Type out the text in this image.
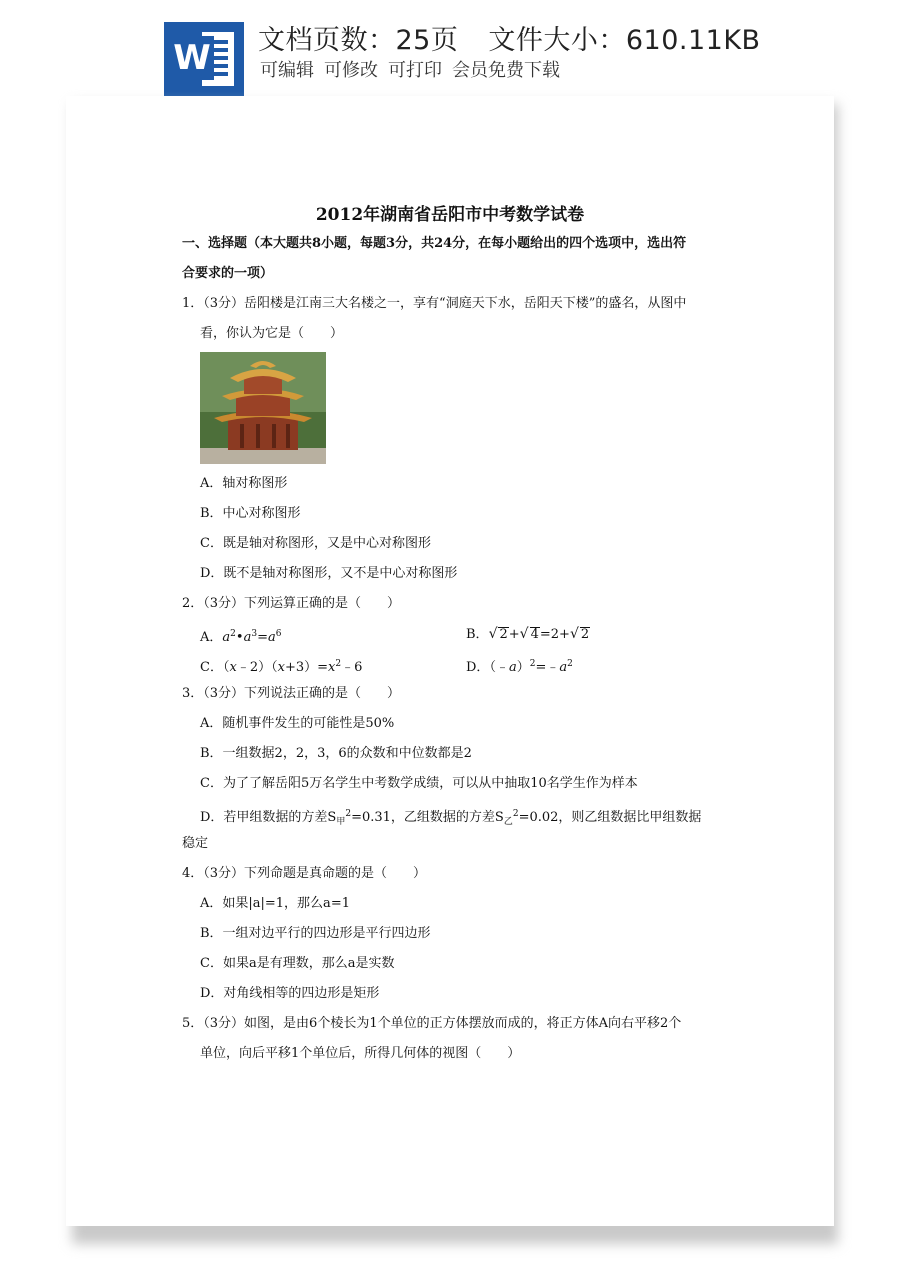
W 文档页数：25页 文件大小：610.11KB
可编辑 可修改 可打印 会员免费下载
2012年湖南省岳阳市中考数学试卷
一、选择题（本大题共8小题，每题3分，共24分，在每小题给出的四个选项中，选出符
合要求的一项）
1．（3分）岳阳楼是江南三大名楼之一，享有“洞庭天下水，岳阳天下楼”的盛名，从图中
看，你认为它是（　　）
A．轴对称图形
B．中心对称图形
C．既是轴对称图形，又是中心对称图形
D．既不是轴对称图形，又不是中心对称图形
2．（3分）下列运算正确的是（　　）
A．$a^2•a^3=a^6$	B．√ 2+√ 4=2+√ 2
C．$(x﹣2)(x+3)=x^2﹣6$	D．$(﹣a)^2=﹣a^2$
3．（3分）下列说法正确的是（　　）
A．随机事件发生的可能性是50%
B．一组数据2，2，3，6的众数和中位数都是2
C．为了了解岳阳5万名学生中考数学成绩，可以从中抽取10名学生作为样本
D．若甲组数据的方差$S_甲^2=0.31$，乙组数据的方差$S_乙^2=0.02$，则乙组数据比甲组数据
稳定
4．（3分）下列命题是真命题的是（　　）
A．如果|a|=1，那么a=1
B．一组对边平行的四边形是平行四边形
C．如果a是有理数，那么a是实数
D．对角线相等的四边形是矩形
5．（3分）如图，是由6个棱长为1个单位的正方体摆放而成的，将正方体A向右平移2个
单位，向后平移1个单位后，所得几何体的视图（　　）
